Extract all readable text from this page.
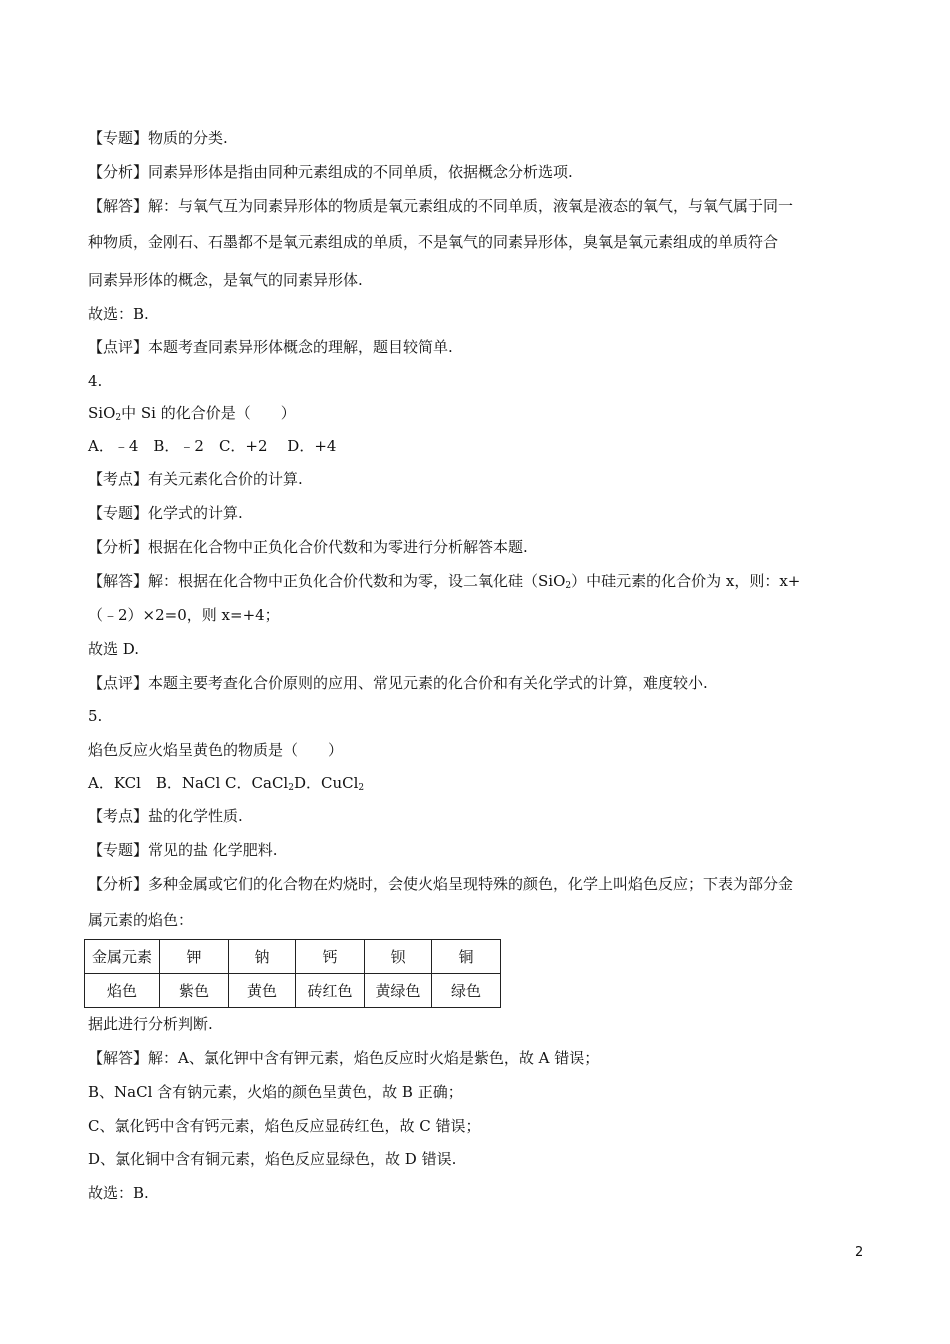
【专题】物质的分类.
【分析】同素异形体是指由同种元素组成的不同单质，依据概念分析选项.
【解答】解：与氧气互为同素异形体的物质是氧元素组成的不同单质，液氧是液态的氧气，与氧气属于同一
种物质，金刚石、石墨都不是氧元素组成的单质，不是氧气的同素异形体，臭氧是氧元素组成的单质符合
同素异形体的概念，是氧气的同素异形体.
故选：B.
【点评】本题考查同素异形体概念的理解，题目较简单.
4.
SiO$_2$中 Si 的化合价是（　　）
A．﹣4　B．﹣2　C．+2　 D．+4
【考点】有关元素化合价的计算.
【专题】化学式的计算.
【分析】根据在化合物中正负化合价代数和为零进行分析解答本题.
【解答】解：根据在化合物中正负化合价代数和为零，设二氧化硅（SiO$_2$）中硅元素的化合价为 x，则：x+
（﹣2）×2=0，则 x=+4；
故选 D.
【点评】本题主要考查化合价原则的应用、常见元素的化合价和有关化学式的计算，难度较小.
5.
焰色反应火焰呈黄色的物质是（　　）
A．KCl　B．NaCl C．CaCl$_2$D．CuCl$_2$
【考点】盐的化学性质.
【专题】常见的盐 化学肥料.
【分析】多种金属或它们的化合物在灼烧时，会使火焰呈现特殊的颜色，化学上叫焰色反应；下表为部分金
属元素的焰色：
金属元素	钾	钠	钙	钡	铜
焰色	紫色	黄色	砖红色	黄绿色	绿色
据此进行分析判断.
【解答】解：A、氯化钾中含有钾元素，焰色反应时火焰是紫色，故 A 错误；
B、NaCl 含有钠元素，火焰的颜色呈黄色，故 B 正确；
C、氯化钙中含有钙元素，焰色反应显砖红色，故 C 错误；
D、氯化铜中含有铜元素，焰色反应显绿色，故 D 错误.
故选：B.
2
